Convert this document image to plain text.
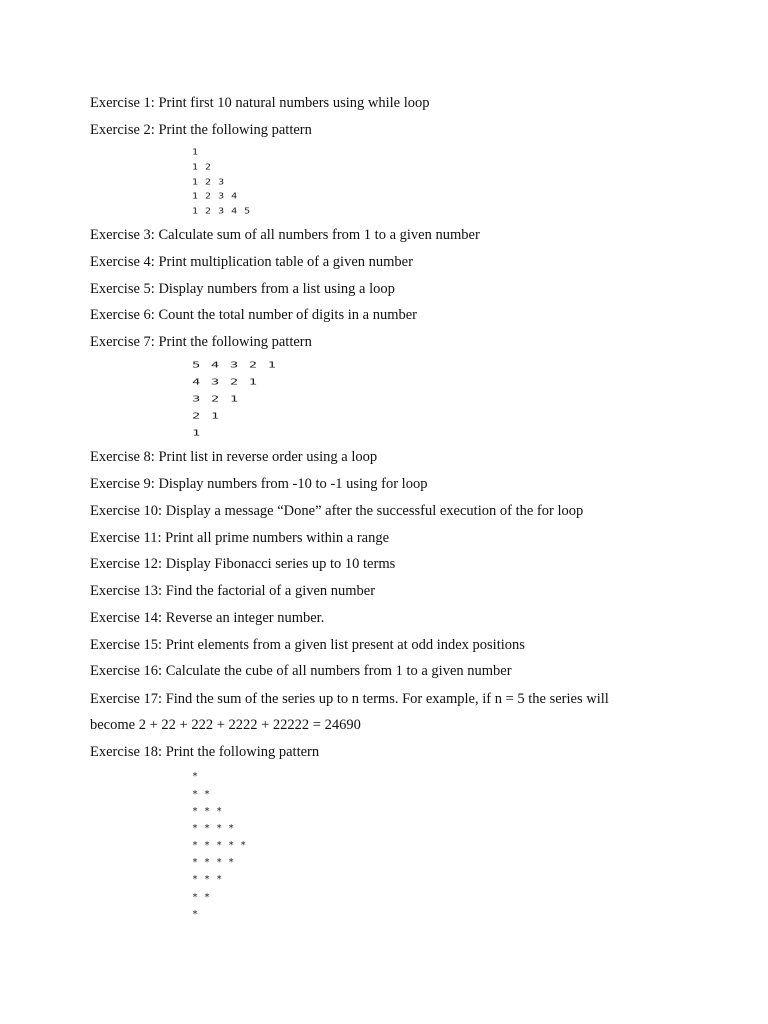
Exercise 1: Print first 10 natural numbers using while loop
Exercise 2: Print the following pattern
1
1 2
1 2 3
1 2 3 4
1 2 3 4 5
Exercise 3: Calculate sum of all numbers from 1 to a given number
Exercise 4: Print multiplication table of a given number
Exercise 5: Display numbers from a list using a loop
Exercise 6: Count the total number of digits in a number
Exercise 7: Print the following pattern
5 4 3 2 1
4 3 2 1
3 2 1
2 1
1
Exercise 8: Print list in reverse order using a loop
Exercise 9: Display numbers from -10 to -1 using for loop
Exercise 10: Display a message “Done” after the successful execution of the for loop
Exercise 11: Print all prime numbers within a range
Exercise 12: Display Fibonacci series up to 10 terms
Exercise 13: Find the factorial of a given number
Exercise 14: Reverse an integer number.
Exercise 15: Print elements from a given list present at odd index positions
Exercise 16: Calculate the cube of all numbers from 1 to a given number
Exercise 17: Find the sum of the series up to n terms. For example, if n = 5 the series will
become 2 + 22 + 222 + 2222 + 22222 = 24690
Exercise 18: Print the following pattern
*
* *
* * *
* * * *
* * * * *
* * * *
* * *
* *
*
